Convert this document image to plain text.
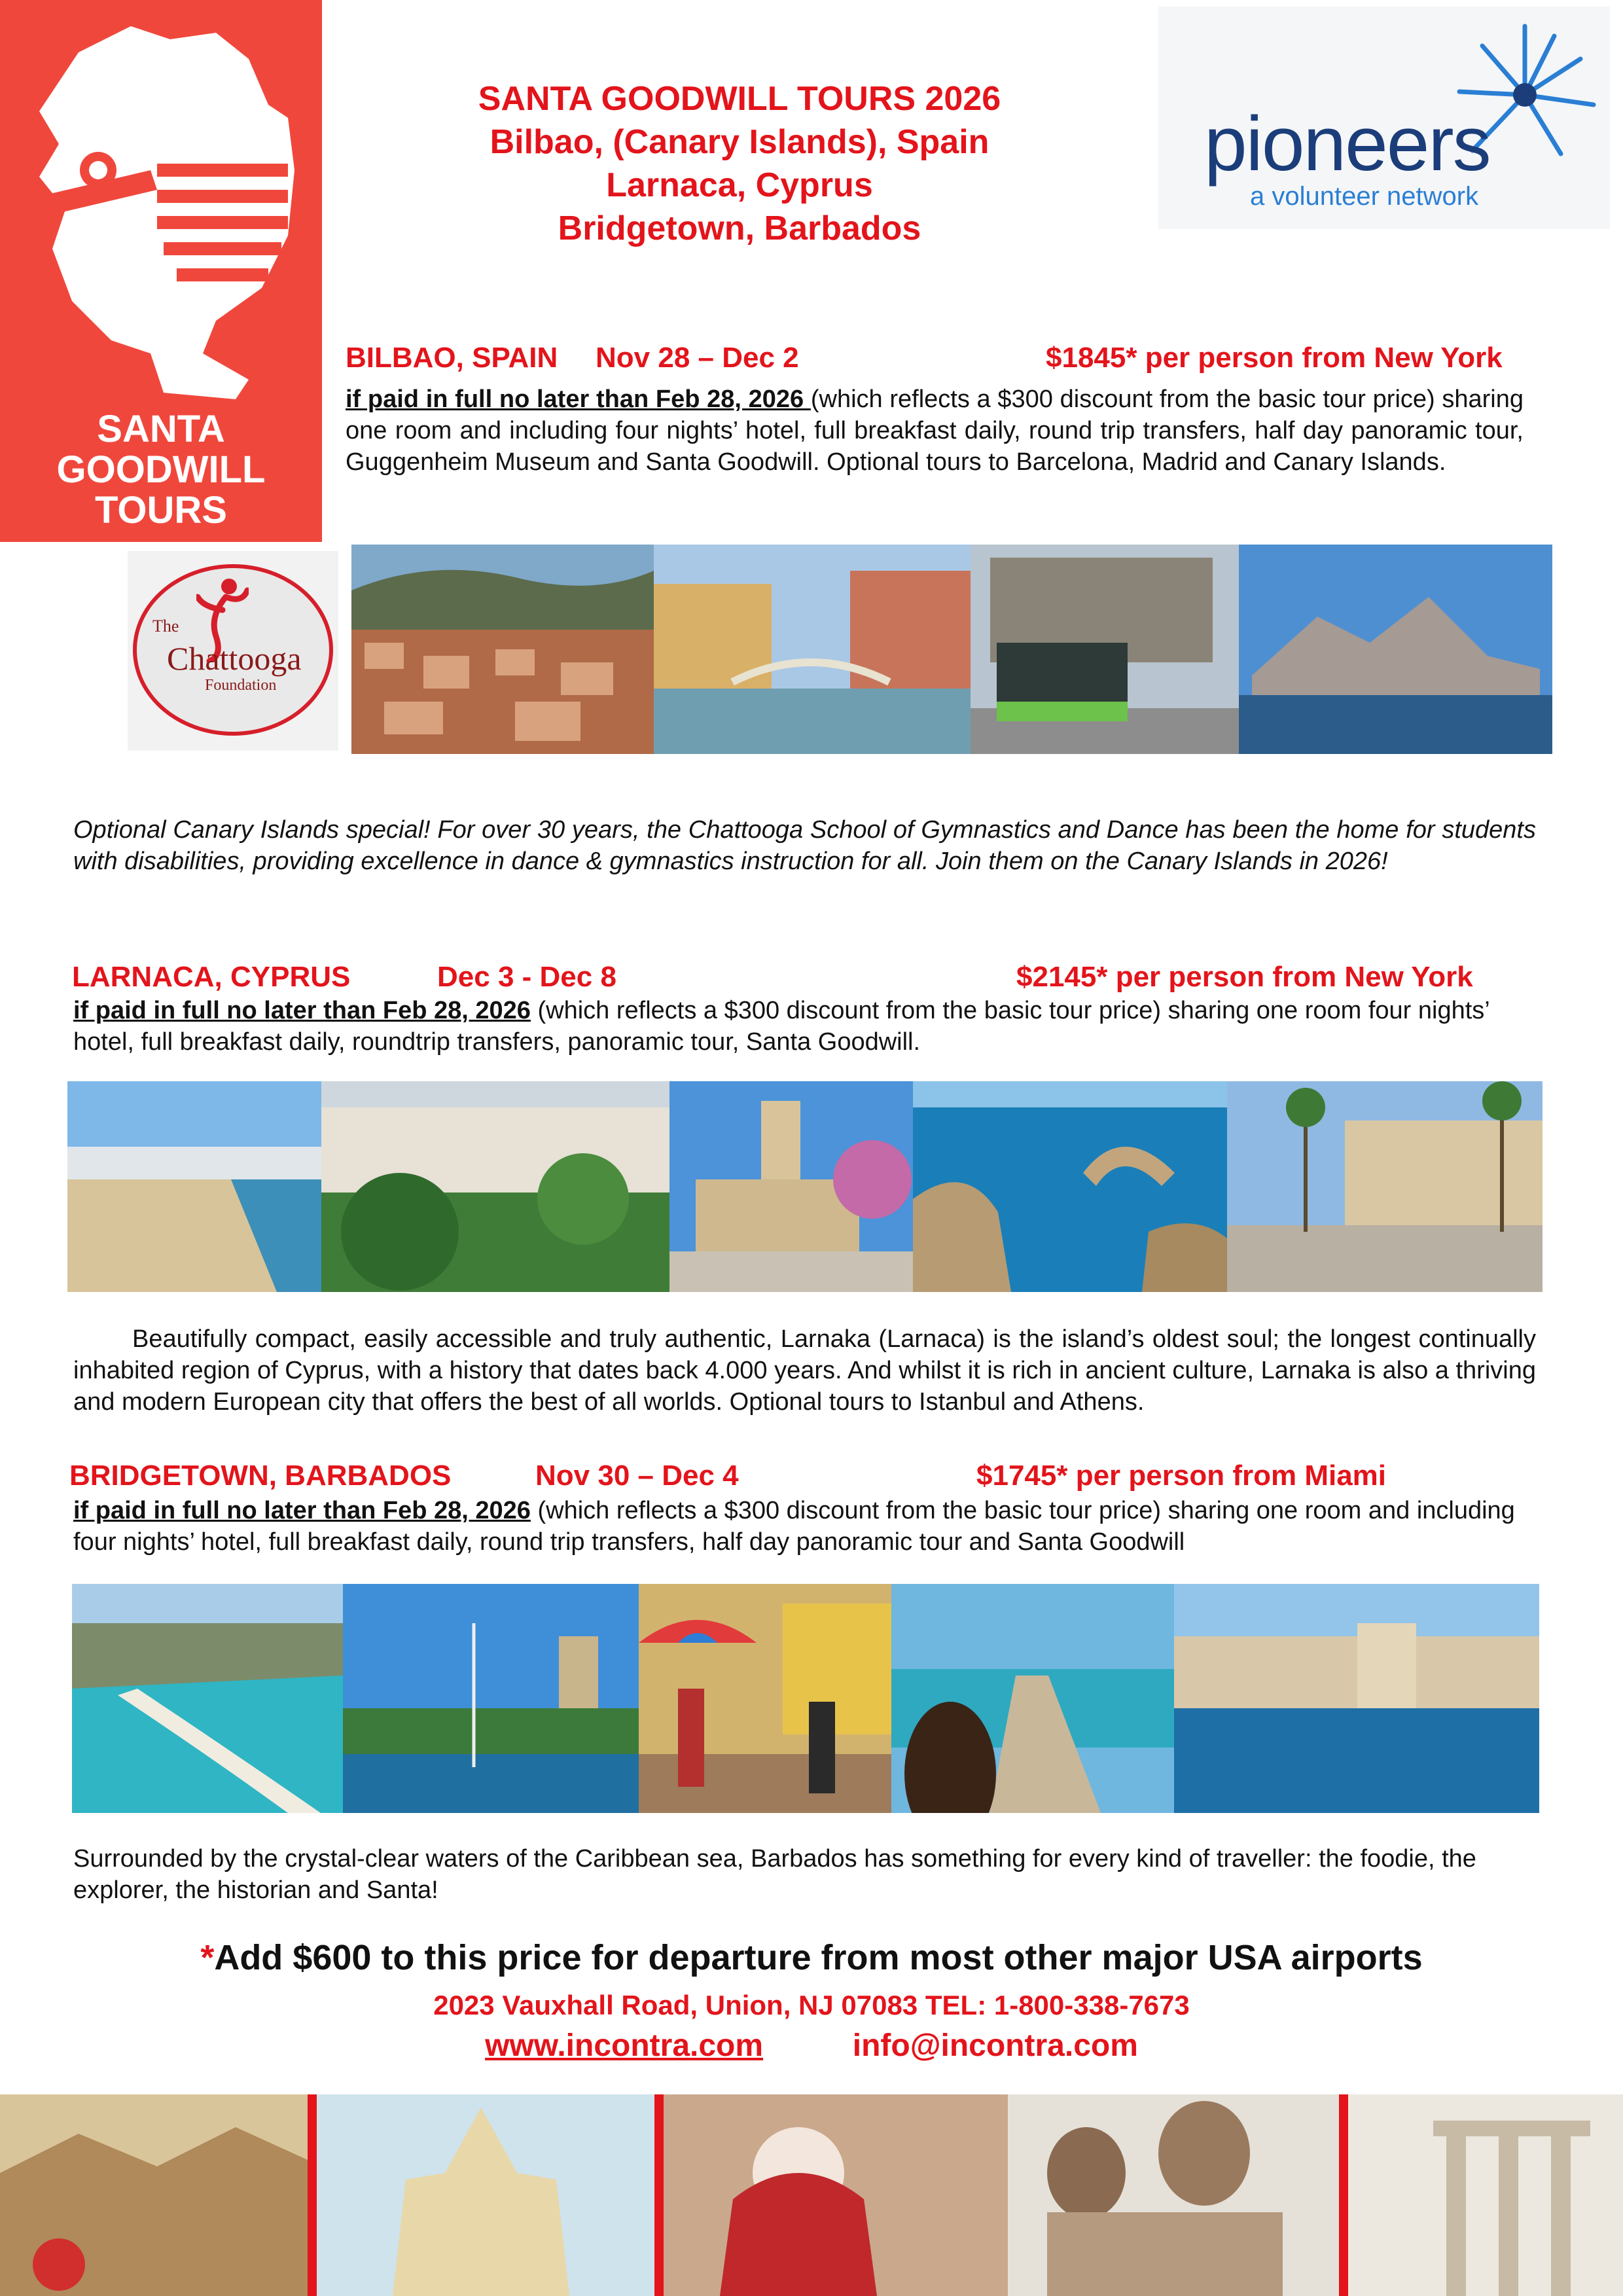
SANTA
GOODWILL
TOURS
SANTA GOODWILL TOURS 2026
Bilbao, (Canary Islands), Spain
Larnaca, Cyprus
Bridgetown, Barbados
pioneers
a volunteer network
BILBAO, SPAIN Nov 28 – Dec 2	$1845* per person from New York
if paid in full no later than Feb 28, 2026 (which reflects a $300 discount from the basic tour price) sharing one room and including four nights’ hotel, full breakfast daily, round trip transfers, half day panoramic tour, Guggenheim Museum and Santa Goodwill. Optional tours to Barcelona, Madrid and Canary Islands.
The
Chattooga
Foundation
Optional Canary Islands special! For over 30 years, the Chattooga School of Gymnastics and Dance has been the home for students with disabilities, providing excellence in dance & gymnastics instruction for all. Join them on the Canary Islands in 2026!
LARNACA, CYPRUS	Dec 3 - Dec 8	$2145* per person from New York
if paid in full no later than Feb 28, 2026 (which reflects a $300 discount from the basic tour price) sharing one room four nights’ hotel, full breakfast daily, roundtrip transfers, panoramic tour, Santa Goodwill.
Beautifully compact, easily accessible and truly authentic, Larnaka (Larnaca) is the island’s oldest soul; the longest continually inhabited region of Cyprus, with a history that dates back 4.000 years. And whilst it is rich in ancient culture, Larnaka is also a thriving and modern European city that offers the best of all worlds. Optional tours to Istanbul and Athens.
BRIDGETOWN, BARBADOS	Nov 30 – Dec 4	$1745* per person from Miami
if paid in full no later than Feb 28, 2026 (which reflects a $300 discount from the basic tour price) sharing one room and including four nights’ hotel, full breakfast daily, round trip transfers, half day panoramic tour and Santa Goodwill
Surrounded by the crystal-clear waters of the Caribbean sea, Barbados has something for every kind of traveller: the foodie, the explorer, the historian and Santa!
*Add $600 to this price for departure from most other major USA airports
2023 Vauxhall Road, Union, NJ 07083 TEL: 1-800-338-7673
www.incontra.com	info@incontra.com
